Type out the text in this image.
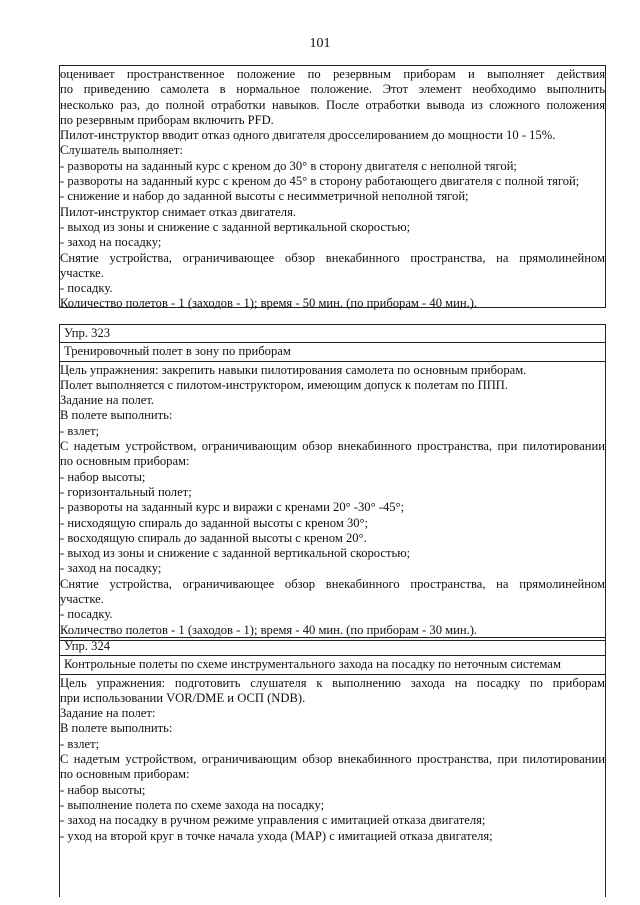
101
оценивает пространственное положение по резервным приборам и выполняет действия
по приведению самолета в нормальное положение. Этот элемент необходимо выполнить
несколько раз, до полной отработки навыков. После отработки вывода из сложного положения
по резервным приборам включить PFD.
Пилот-инструктор вводит отказ одного двигателя дросселированием до мощности 10 - 15%.
Слушатель выполняет:
- развороты на заданный курс с креном до 30° в сторону двигателя с неполной тягой;
- развороты на заданный курс с креном до 45° в сторону работающего двигателя с полной тягой;
- снижение и набор до заданной высоты с несимметричной неполной тягой;
Пилот-инструктор снимает отказ двигателя.
- выход из зоны и снижение с заданной вертикальной скоростью;
- заход на посадку;
Снятие устройства, ограничивающее обзор внекабинного пространства, на прямолинейном
участке.
- посадку.
Количество полетов - 1 (заходов - 1); время - 50 мин. (по приборам - 40 мин.).
Упр. 323
Тренировочный полет в зону по приборам
Цель упражнения: закрепить навыки пилотирования самолета по основным приборам.
Полет выполняется с пилотом-инструктором, имеющим допуск к полетам по ППП.
Задание на полет.
В полете выполнить:
- взлет;
С надетым устройством, ограничивающим обзор внекабинного пространства, при пилотировании
по основным приборам:
- набор высоты;
- горизонтальный полет;
- развороты на заданный курс и виражи с кренами 20° -30° -45°;
- нисходящую спираль до заданной высоты с креном 30°;
- восходящую спираль до заданной высоты с креном 20°.
- выход из зоны и снижение с заданной вертикальной скоростью;
- заход на посадку;
Снятие устройства, ограничивающее обзор внекабинного пространства, на прямолинейном
участке.
- посадку.
Количество полетов - 1 (заходов - 1); время - 40 мин. (по приборам - 30 мин.).
Упр. 324
Контрольные полеты по схеме инструментального захода на посадку по неточным системам
Цель упражнения: подготовить слушателя к выполнению захода на посадку по приборам
при использовании VOR/DME и ОСП (NDB).
Задание на полет:
В полете выполнить:
- взлет;
С надетым устройством, ограничивающим обзор внекабинного пространства, при пилотировании
по основным приборам:
- набор высоты;
- выполнение полета по схеме захода на посадку;
- заход на посадку в ручном режиме управления с имитацией отказа двигателя;
- уход на второй круг в точке начала ухода (MAP) с имитацией отказа двигателя;
